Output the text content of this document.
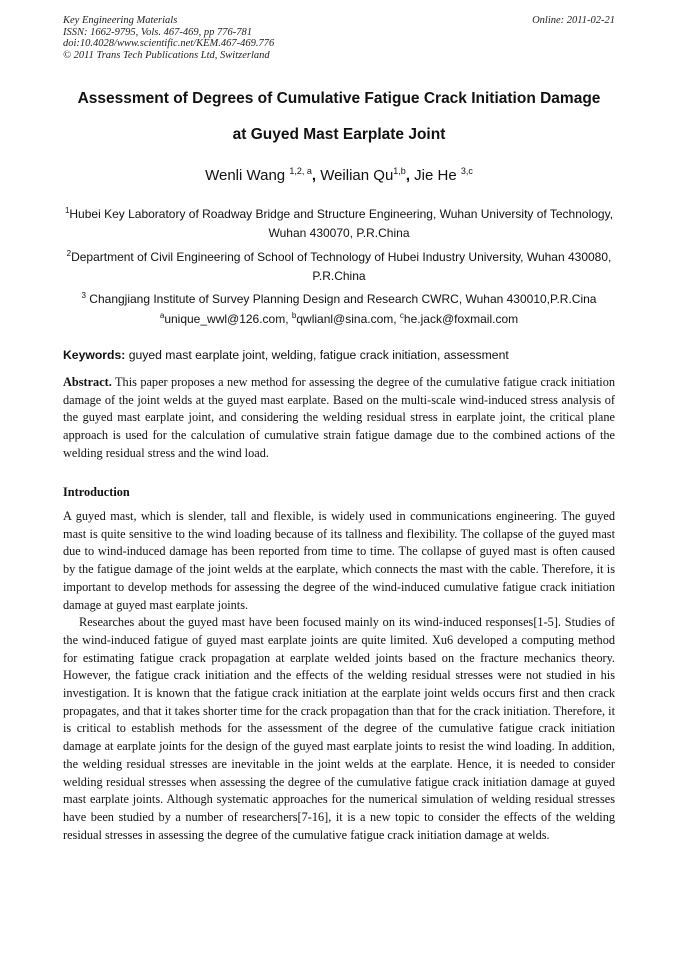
Key Engineering Materials
ISSN: 1662-9795, Vols. 467-469, pp 776-781
doi:10.4028/www.scientific.net/KEM.467-469.776
© 2011 Trans Tech Publications Ltd, Switzerland
Online: 2011-02-21
Assessment of Degrees of Cumulative Fatigue Crack Initiation Damage
at Guyed Mast Earplate Joint
Wenli Wang $^{1,2, a}$, Weilian Qu$^{1,b}$, Jie He $^{3,c}$
$^1$Hubei Key Laboratory of Roadway Bridge and Structure Engineering, Wuhan University of Technology, Wuhan 430070, P.R.China
$^2$Department of Civil Engineering of School of Technology of Hubei Industry University, Wuhan 430080, P.R.China
$^3$ Changjiang Institute of Survey Planning Design and Research CWRC, Wuhan 430010,P.R.Cina
$^a$unique_wwl@126.com, $^b$qwlianl@sina.com, $^c$he.jack@foxmail.com
Keywords: guyed mast earplate joint, welding, fatigue crack initiation, assessment
Abstract. This paper proposes a new method for assessing the degree of the cumulative fatigue crack initiation damage of the joint welds at the guyed mast earplate. Based on the multi-scale wind-induced stress analysis of the guyed mast earplate joint, and considering the welding residual stress in earplate joint, the critical plane approach is used for the calculation of cumulative strain fatigue damage due to the combined actions of the welding residual stress and the wind load.
Introduction

A guyed mast, which is slender, tall and flexible, is widely used in communications engineering. The guyed mast is quite sensitive to the wind loading because of its tallness and flexibility. The collapse of the guyed mast due to wind-induced damage has been reported from time to time. The collapse of guyed mast is often caused by the fatigue damage of the joint welds at the earplate, which connects the mast with the cable. Therefore, it is important to develop methods for assessing the degree of the wind-induced cumulative fatigue crack initiation damage at guyed mast earplate joints.

Researches about the guyed mast have been focused mainly on its wind-induced responses[1-5]. Studies of the wind-induced fatigue of guyed mast earplate joints are quite limited. Xu6 developed a computing method for estimating fatigue crack propagation at earplate welded joints based on the fracture mechanics theory. However, the fatigue crack initiation and the effects of the welding residual stresses were not studied in his investigation. It is known that the fatigue crack initiation at the earplate joint welds occurs first and then crack propagates, and that it takes shorter time for the crack propagation than that for the crack initiation. Therefore, it is critical to establish methods for the assessment of the degree of the cumulative fatigue crack initiation damage at earplate joints for the design of the guyed mast earplate joints to resist the wind loading. In addition, the welding residual stresses are inevitable in the joint welds at the earplate. Hence, it is needed to consider welding residual stresses when assessing the degree of the cumulative fatigue crack initiation damage at guyed mast earplate joints. Although systematic approaches for the numerical simulation of welding residual stresses have been studied by a number of researchers[7-16], it is a new topic to consider the effects of the welding residual stresses in assessing the degree of the cumulative fatigue crack initiation damage at welds.
